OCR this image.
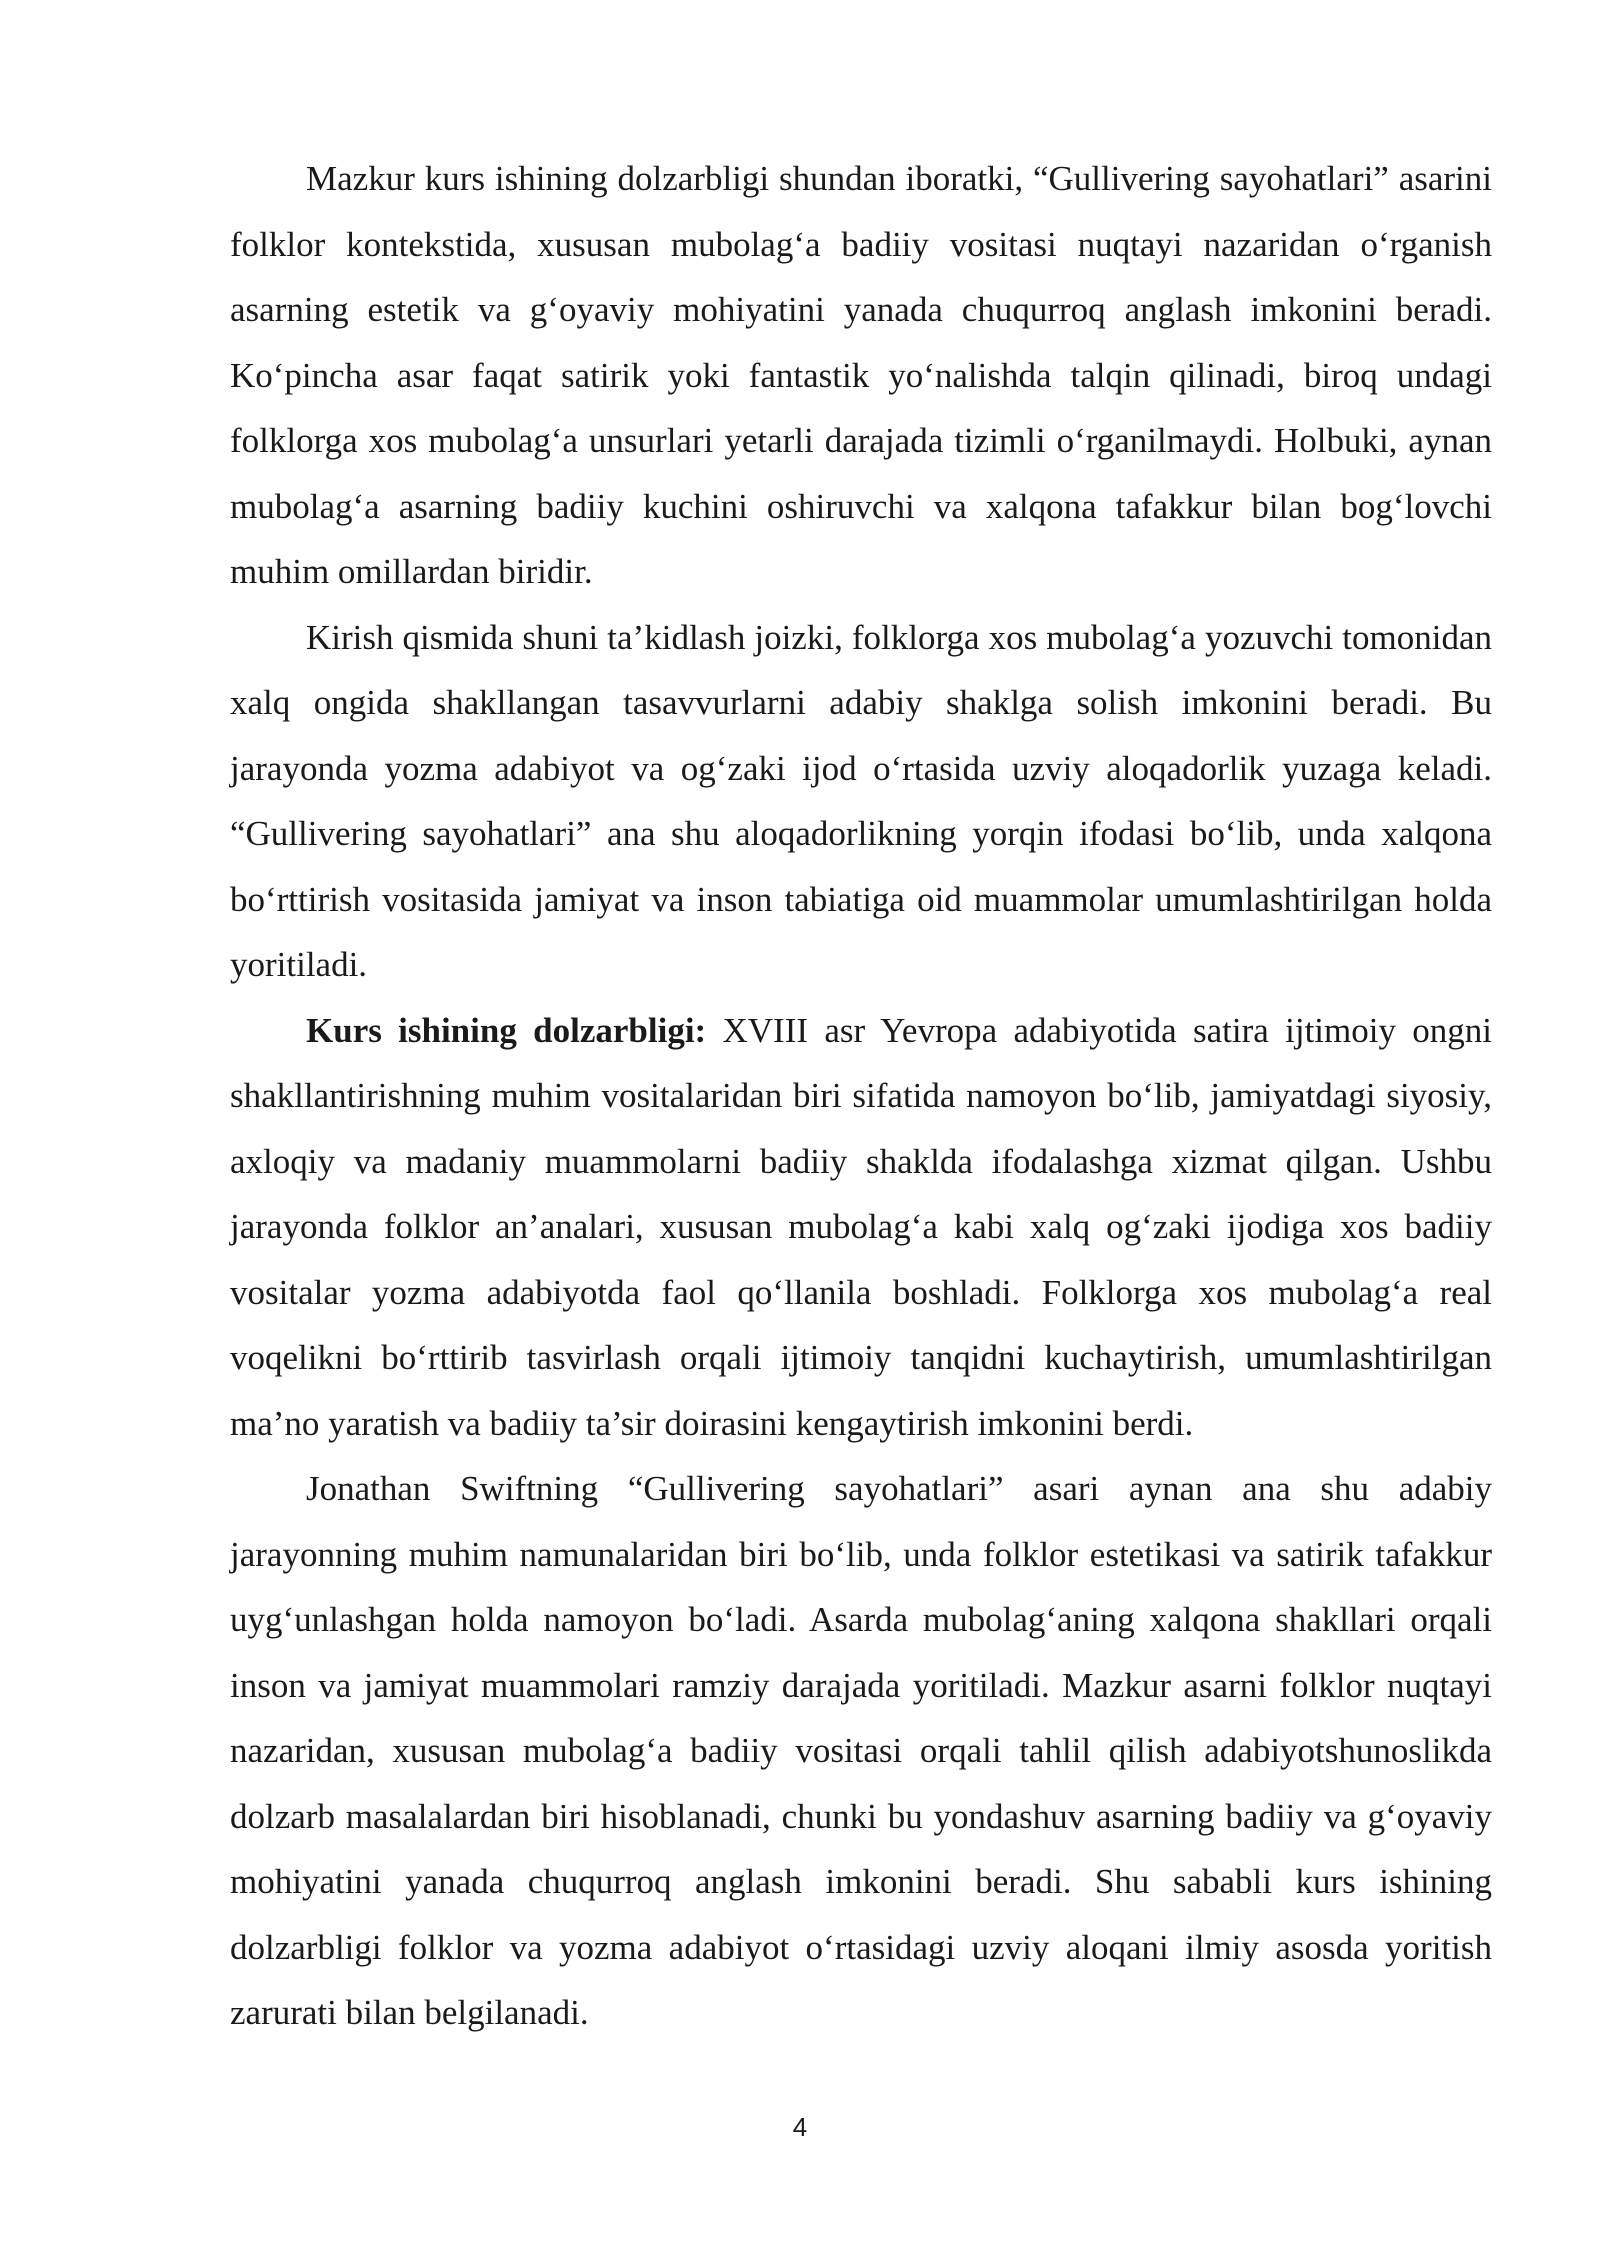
Mazkur kurs ishining dolzarbligi shundan iboratki, “Gullivering sayohatlari” asarini folklor kontekstida, xususan mubolag‘a badiiy vositasi nuqtayi nazaridan o‘rganish asarning estetik va g‘oyaviy mohiyatini yanada chuqurroq anglash imkonini beradi. Ko‘pincha asar faqat satirik yoki fantastik yo‘nalishda talqin qilinadi, biroq undagi folklorga xos mubolag‘a unsurlari yetarli darajada tizimli o‘rganilmaydi. Holbuki, aynan mubolag‘a asarning badiiy kuchini oshiruvchi va xalqona tafakkur bilan bog‘lovchi muhim omillardan biridir.

Kirish qismida shuni ta’kidlash joizki, folklorga xos mubolag‘a yozuvchi tomonidan xalq ongida shakllangan tasavvurlarni adabiy shaklga solish imkonini beradi. Bu jarayonda yozma adabiyot va og‘zaki ijod o‘rtasida uzviy aloqadorlik yuzaga keladi. “Gullivering sayohatlari” ana shu aloqadorlikning yorqin ifodasi bo‘lib, unda xalqona bo‘rttirish vositasida jamiyat va inson tabiatiga oid muammolar umumlashtirilgan holda yoritiladi.

Kurs ishining dolzarbligi: XVIII asr Yevropa adabiyotida satira ijtimoiy ongni shakllantirishning muhim vositalaridan biri sifatida namoyon bo‘lib, jamiyatdagi siyosiy, axloqiy va madaniy muammolarni badiiy shaklda ifodalashga xizmat qilgan. Ushbu jarayonda folklor an’analari, xususan mubolag‘a kabi xalq og‘zaki ijodiga xos badiiy vositalar yozma adabiyotda faol qo‘llanila boshladi. Folklorga xos mubolag‘a real voqelikni bo‘rttirib tasvirlash orqali ijtimoiy tanqidni kuchaytirish, umumlashtirilgan ma’no yaratish va badiiy ta’sir doirasini kengaytirish imkonini berdi.

Jonathan Swiftning “Gullivering sayohatlari” asari aynan ana shu adabiy jarayonning muhim namunalaridan biri bo‘lib, unda folklor estetikasi va satirik tafakkur uyg‘unlashgan holda namoyon bo‘ladi. Asarda mubolag‘aning xalqona shakllari orqali inson va jamiyat muammolari ramziy darajada yoritiladi. Mazkur asarni folklor nuqtayi nazaridan, xususan mubolag‘a badiiy vositasi orqali tahlil qilish adabiyotshunoslikda dolzarb masalalardan biri hisoblanadi, chunki bu yondashuv asarning badiiy va g‘oyaviy mohiyatini yanada chuqurroq anglash imkonini beradi. Shu sababli kurs ishining dolzarbligi folklor va yozma adabiyot o‘rtasidagi uzviy aloqani ilmiy asosda yoritish zarurati bilan belgilanadi.

4
